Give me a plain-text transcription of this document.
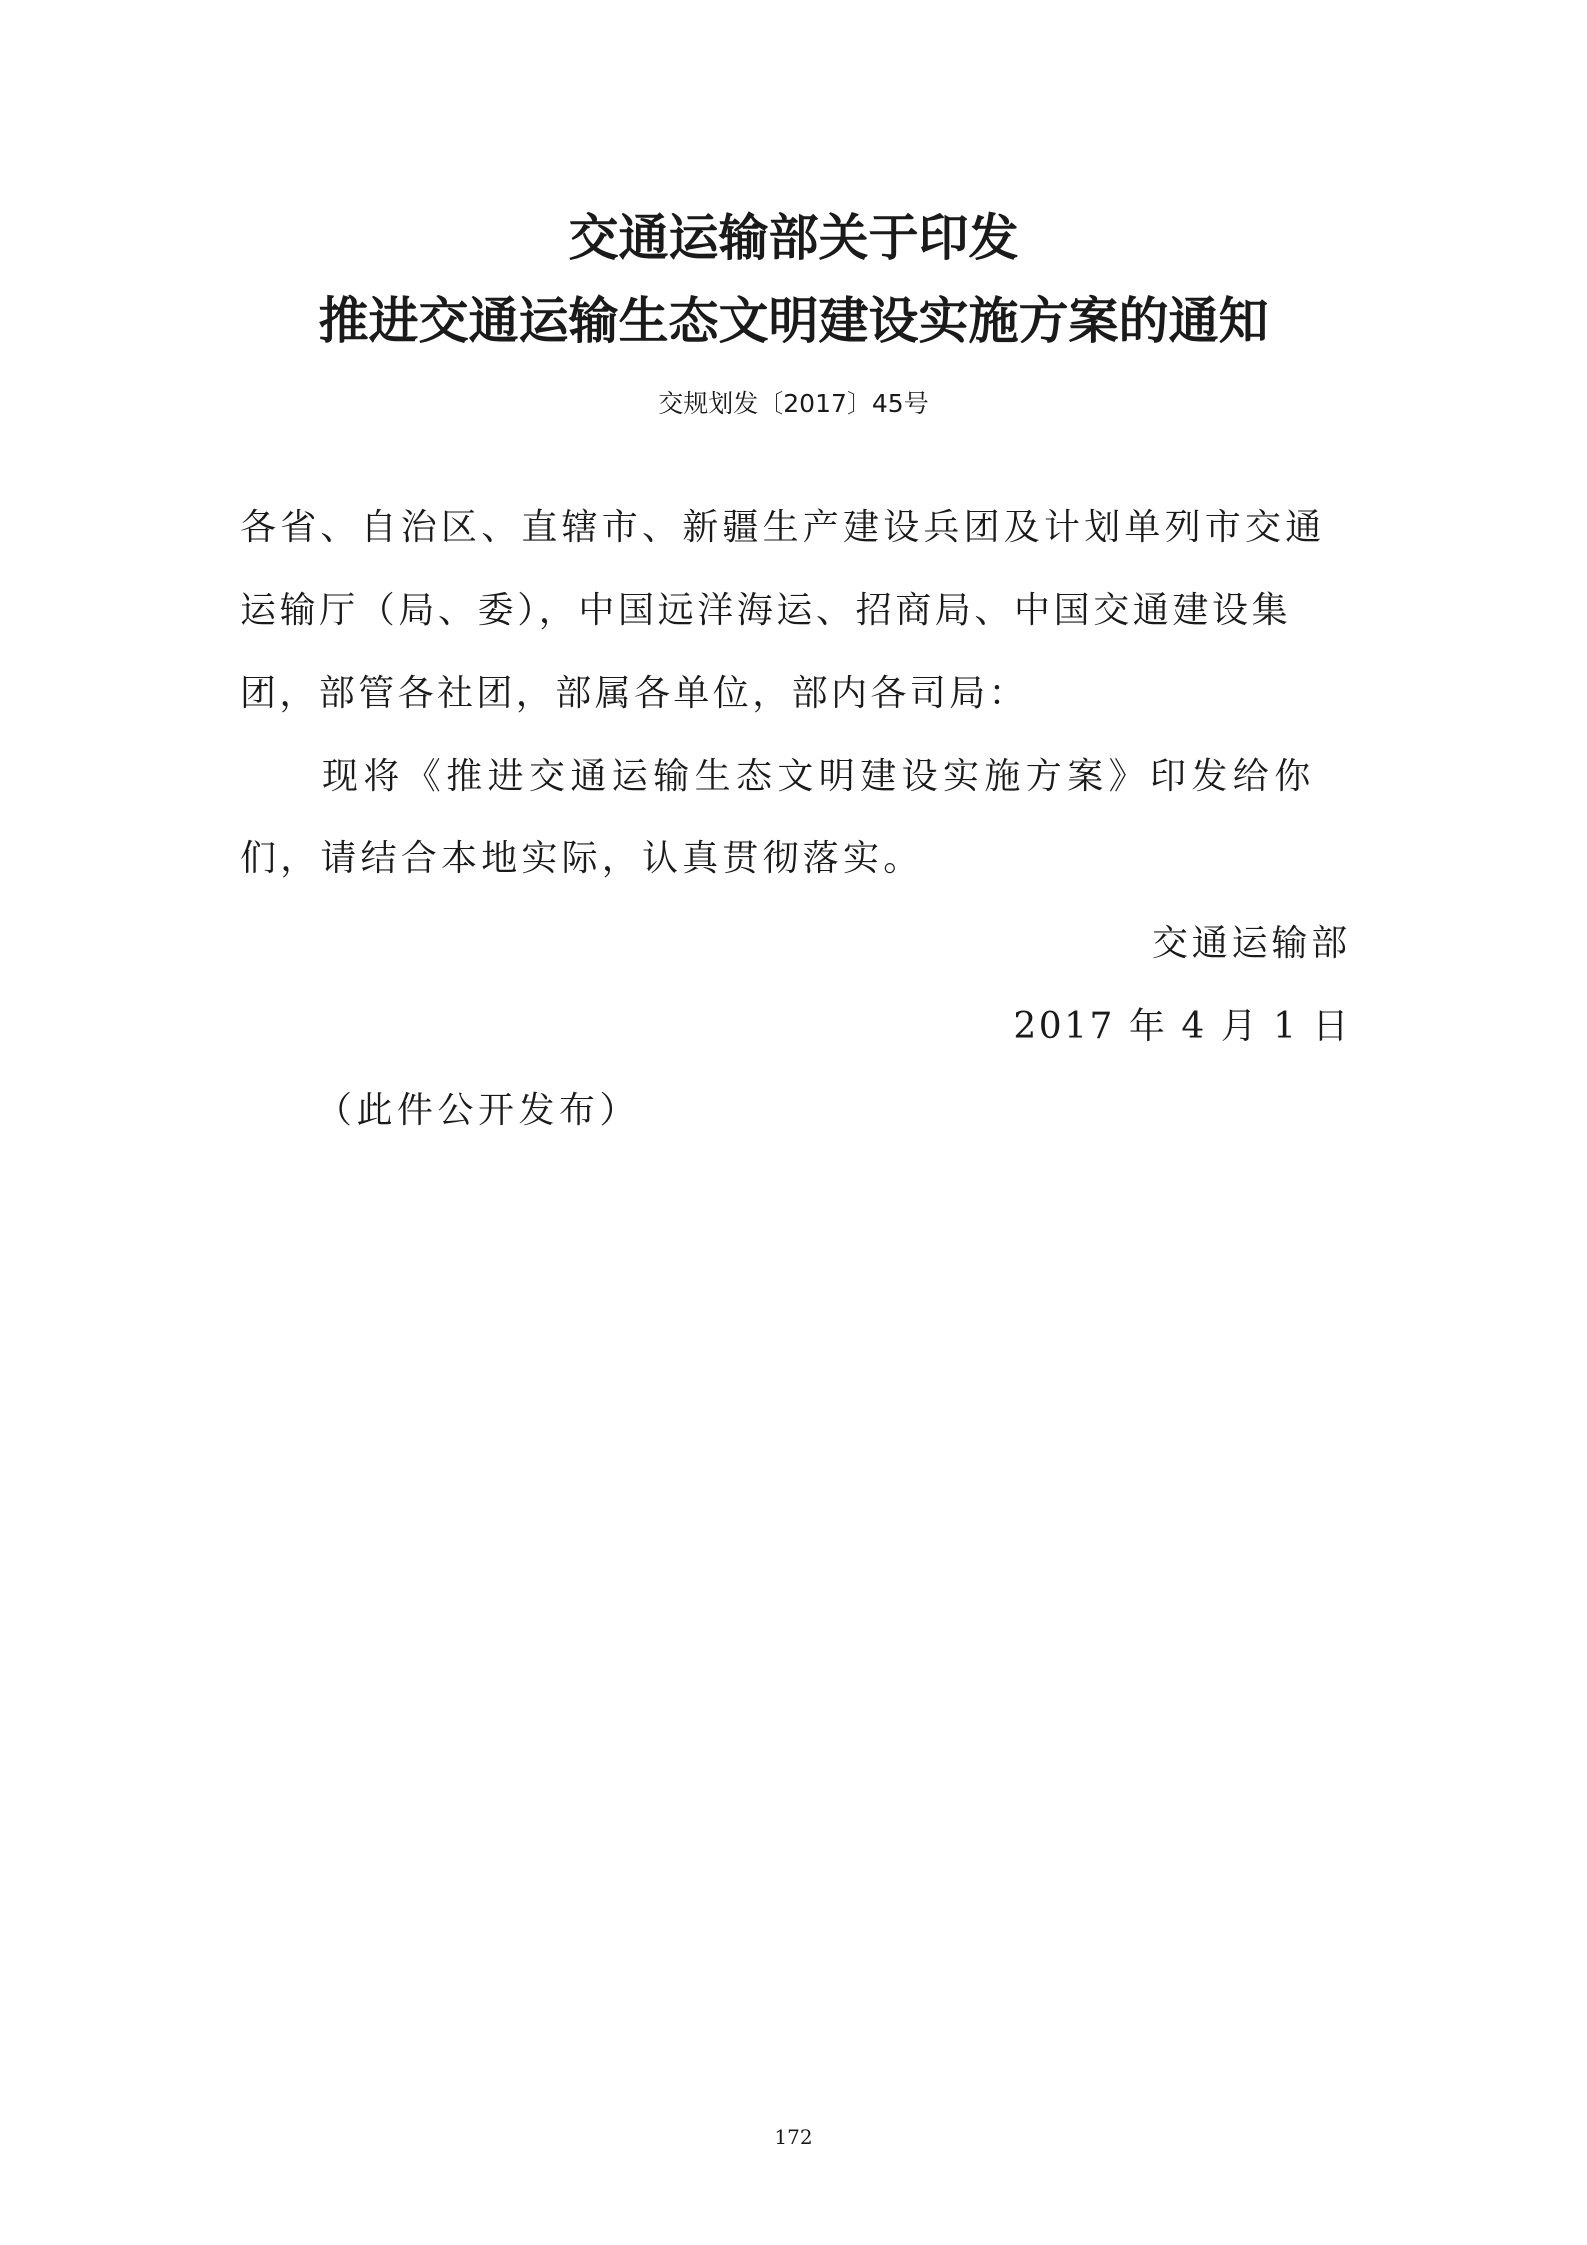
交通运输部关于印发
推进交通运输生态文明建设实施方案的通知
交规划发〔2017〕45号
各省、自治区、直辖市、新疆生产建设兵团及计划单列市交通
运输厅（局、委），中国远洋海运、招商局、中国交通建设集
团，部管各社团，部属各单位，部内各司局：
现将《推进交通运输生态文明建设实施方案》印发给你
们，请结合本地实际，认真贯彻落实。
交通运输部
2017 年 4 月 1 日
（此件公开发布）
172
